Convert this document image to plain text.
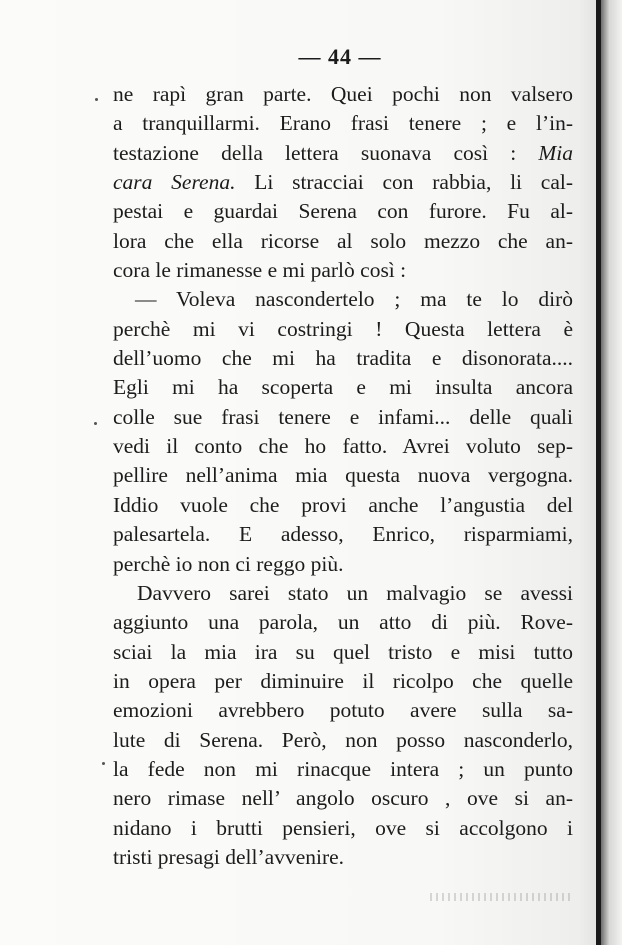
— 44 —
ne rapì gran parte. Quei pochi non valsero
a tranquillarmi. Erano frasi tenere ; e l’in-
testazione della lettera suonava così : Mia
cara Serena. Li stracciai con rabbia, li cal-
pestai e guardai Serena con furore. Fu al-
lora che ella ricorse al solo mezzo che an-
cora le rimanesse e mi parlò così :
— Voleva nascondertelo ; ma te lo dirò
perchè mi vi costringi ! Questa lettera è
dell’uomo che mi ha tradita e disonorata....
Egli mi ha scoperta e mi insulta ancora
colle sue frasi tenere e infami... delle quali
vedi il conto che ho fatto. Avrei voluto sep-
pellire nell’anima mia questa nuova vergogna.
Iddio vuole che provi anche l’angustia del
palesartela. E adesso, Enrico, risparmiami,
perchè io non ci reggo più.
Davvero sarei stato un malvagio se avessi
aggiunto una parola, un atto di più. Rove-
sciai la mia ira su quel tristo e misi tutto
in opera per diminuire il ricolpo che quelle
emozioni avrebbero potuto avere sulla sa-
lute di Serena. Però, non posso nasconderlo,
la fede non mi rinacque intera ; un punto
nero rimase nell’ angolo oscuro , ove si an-
nidano i brutti pensieri, ove si accolgono i
tristi presagi dell’avvenire.
